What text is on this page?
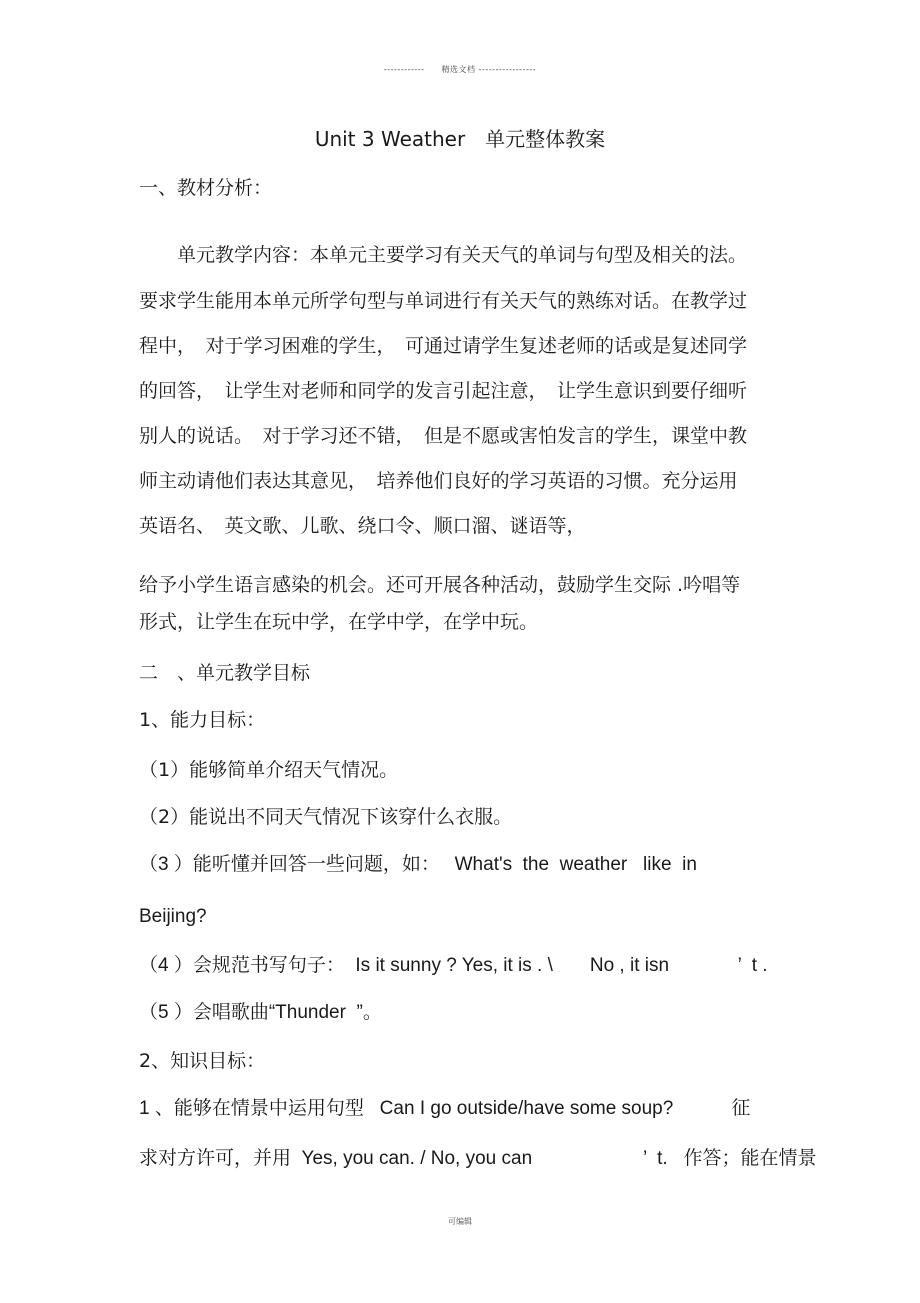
------------　　精选文档 -----------------
Unit 3 Weather　单元整体教案
一、教材分析：
　　单元教学内容：本单元主要学习有关天气的单词与句型及相关的法。
要求学生能用本单元所学句型与单词进行有关天气的熟练对话。在教学过
程中，　对于学习困难的学生，　可通过请学生复述老师的话或是复述同学
的回答，　让学生对老师和同学的发言引起注意，　让学生意识到要仔细听
别人的说话。　对于学习还不错，　但是不愿或害怕发言的学生，课堂中教
师主动请他们表达其意见，　培养他们良好的学习英语的习惯。充分运用
英语名、　英文歌、儿歌、绕口令、顺口溜、谜语等，
给予小学生语言感染的机会。还可开展各种活动，鼓励学生交际 .吟唱等
形式，让学生在玩中学，在学中学，在学中玩。
二　、单元教学目标
1、能力目标：
（1）能够简单介绍天气情况。
（2）能说出不同天气情况下该穿什么衣服。
（3 ）能听懂并回答一些问题，如：　 What's  the  weather   like  in
Beijing?
（4 ）会规范书写句子：  Is it sunny ? Yes, it is . \       No , it isn             ’  t .
（5 ）会唱歌曲“Thunder  ”。
2、知识目标：
1 、能够在情景中运用句型   Can I go outside/have some soup?           征
求对方许可，并用  Yes, you can. / No, you can                     ’  t.   作答；能在情景
可编辑
